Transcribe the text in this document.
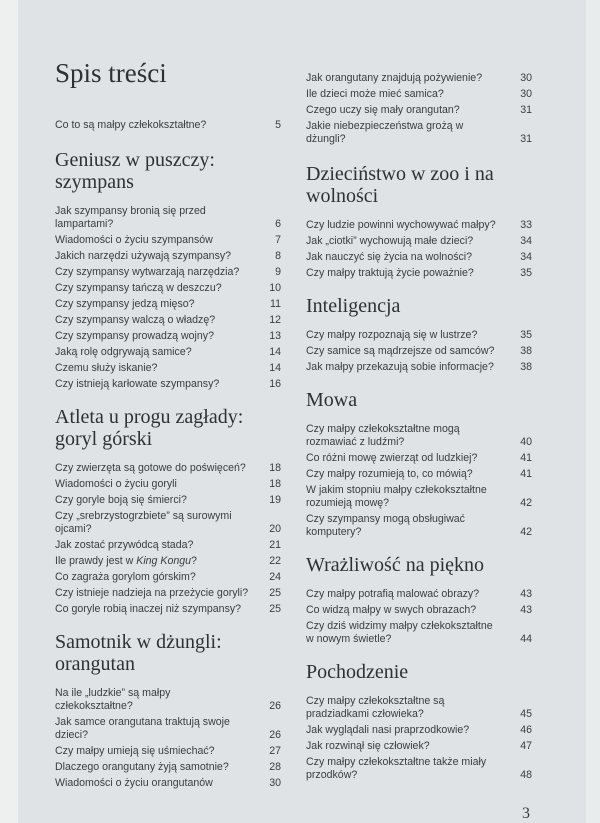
Spis treści
Co to są małpy człekokształtne?	5
Geniusz w puszczy: szympans
Jak szympansy bronią się przed lampartami?	6
Wiadomości o życiu szympansów	7
Jakich narzędzi używają szympansy?	8
Czy szympansy wytwarzają narzędzia?	9
Czy szympansy tańczą w deszczu?	10
Czy szympansy jedzą mięso?	11
Czy szympansy walczą o władzę?	12
Czy szympansy prowadzą wojny?	13
Jaką rolę odgrywają samice?	14
Czemu służy iskanie?	14
Czy istnieją karłowate szympansy?	16
Atleta u progu zagłady: goryl górski
Czy zwierzęta są gotowe do poświęceń?	18
Wiadomości o życiu goryli	18
Czy goryle boją się śmierci?	19
Czy „srebrzystogrzbiete” są surowymi ojcami?	20
Jak zostać przywódcą stada?	21
Ile prawdy jest w King Kongu?	22
Co zagraża gorylom górskim?	24
Czy istnieje nadzieja na przeżycie goryli?	25
Co goryle robią inaczej niż szympansy?	25
Samotnik w dżungli: orangutan
Na ile „ludzkie” są małpy człekokształtne?	26
Jak samce orangutana traktują swoje dzieci?	26
Czy małpy umieją się uśmiechać?	27
Dlaczego orangutany żyją samotnie?	28
Wiadomości o życiu orangutanów	30
Jak orangutany znajdują pożywienie?	30
Ile dzieci może mieć samica?	30
Czego uczy się mały orangutan?	31
Jakie niebezpieczeństwa grożą w dżungli?	31
Dzieciństwo w zoo i na wolności
Czy ludzie powinni wychowywać małpy?	33
Jak „ciotki” wychowują małe dzieci?	34
Jak nauczyć się życia na wolności?	34
Czy małpy traktują życie poważnie?	35
Inteligencja
Czy małpy rozpoznają się w lustrze?	35
Czy samice są mądrzejsze od samców?	38
Jak małpy przekazują sobie informacje?	38
Mowa
Czy małpy człekokształtne mogą rozmawiać z ludźmi?	40
Co różni mowę zwierząt od ludzkiej?	41
Czy małpy rozumieją to, co mówią?	41
W jakim stopniu małpy człekokształtne rozumieją mowę?	42
Czy szympansy mogą obsługiwać komputery?	42
Wrażliwość na piękno
Czy małpy potrafią malować obrazy?	43
Co widzą małpy w swych obrazach?	43
Czy dziś widzimy małpy człekokształtne w nowym świetle?	44
Pochodzenie
Czy małpy człekokształtne są pradziadkami człowieka?	45
Jak wyglądali nasi praprzodkowie?	46
Jak rozwinął się człowiek?	47
Czy małpy człekokształtne także miały przodków?	48
3
